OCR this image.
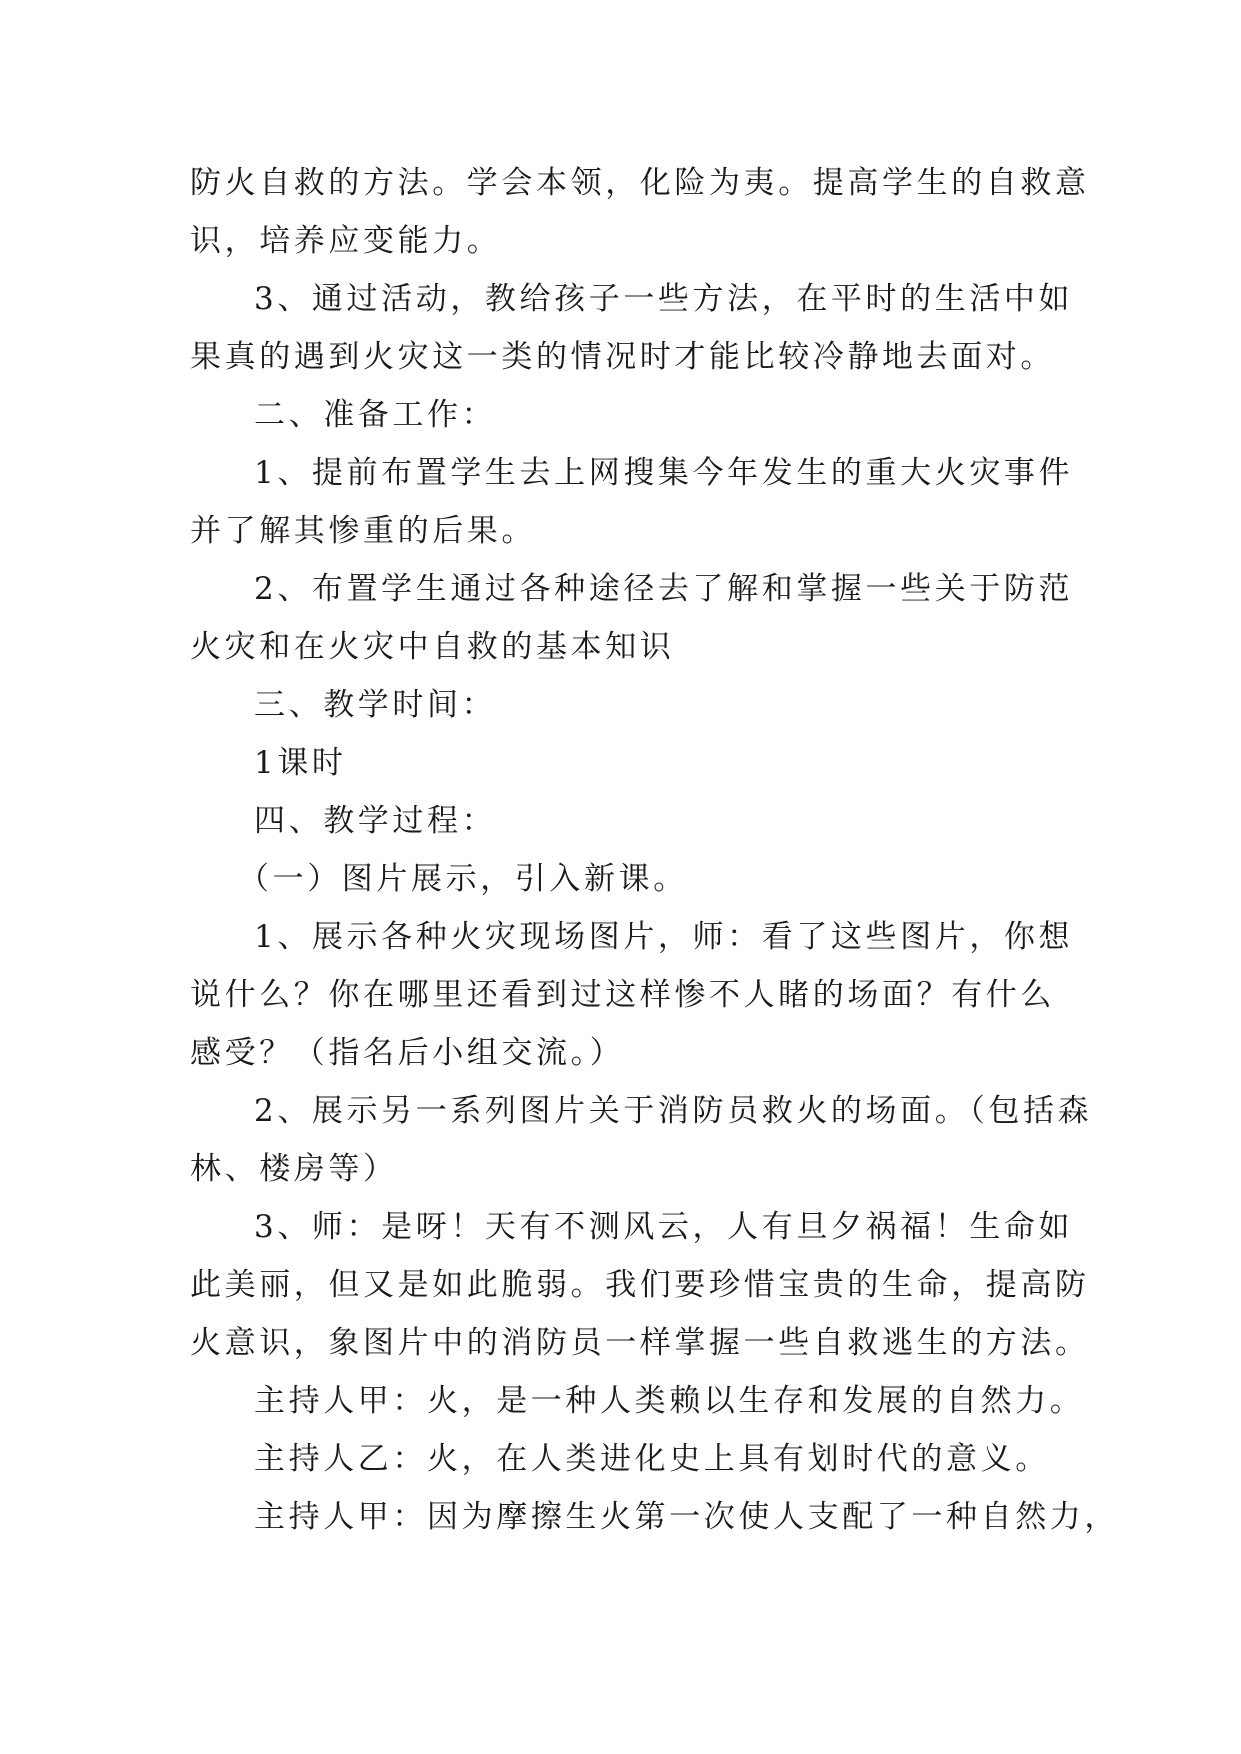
防火自救的方法。学会本领，化险为夷。提高学生的自救意
识，培养应变能力。
3、通过活动，教给孩子一些方法，在平时的生活中如
果真的遇到火灾这一类的情况时才能比较冷静地去面对。
二、准备工作：
1、提前布置学生去上网搜集今年发生的重大火灾事件
并了解其惨重的后果。
2、布置学生通过各种途径去了解和掌握一些关于防范
火灾和在火灾中自救的基本知识
三、教学时间：
1课时
四、教学过程：
（一）图片展示，引入新课。
1、展示各种火灾现场图片，师：看了这些图片，你想
说什么？你在哪里还看到过这样惨不人睹的场面？有什么
感受？（指名后小组交流。）
2、展示另一系列图片关于消防员救火的场面。（包括森
林、楼房等）
3、师：是呀！天有不测风云，人有旦夕祸福！生命如
此美丽，但又是如此脆弱。我们要珍惜宝贵的生命，提高防
火意识，象图片中的消防员一样掌握一些自救逃生的方法。
主持人甲：火，是一种人类赖以生存和发展的自然力。
主持人乙：火，在人类进化史上具有划时代的意义。
主持人甲：因为摩擦生火第一次使人支配了一种自然力，
